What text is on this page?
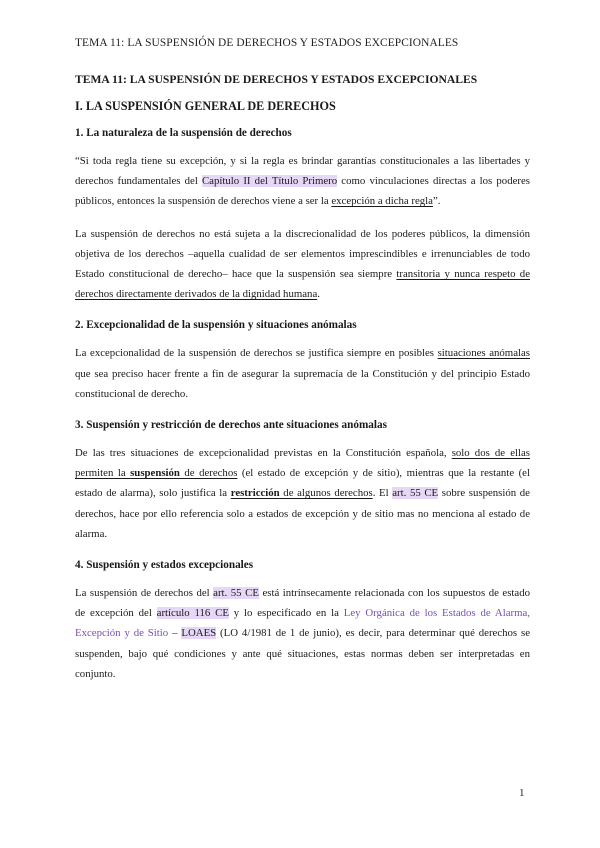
TEMA 11: LA SUSPENSIÓN DE DERECHOS Y ESTADOS EXCEPCIONALES
TEMA 11: LA SUSPENSIÓN DE DERECHOS Y ESTADOS EXCEPCIONALES
I. LA SUSPENSIÓN GENERAL DE DERECHOS
1. La naturaleza de la suspensión de derechos

“Si toda regla tiene su excepción, y si la regla es brindar garantías constitucionales a las libertades y derechos fundamentales del Capítulo II del Título Primero como vinculaciones directas a los poderes públicos, entonces la suspensión de derechos viene a ser la excepción a dicha regla”.

La suspensión de derechos no está sujeta a la discrecionalidad de los poderes públicos, la dimensión objetiva de los derechos –aquella cualidad de ser elementos imprescindibles e irrenunciables de todo Estado constitucional de derecho– hace que la suspensión sea siempre transitoria y nunca respeto de derechos directamente derivados de la dignidad humana.

2. Excepcionalidad de la suspensión y situaciones anómalas

La excepcionalidad de la suspensión de derechos se justifica siempre en posibles situaciones anómalas que sea preciso hacer frente a fin de asegurar la supremacía de la Constitución y del principio Estado constitucional de derecho.

3. Suspensión y restricción de derechos ante situaciones anómalas

De las tres situaciones de excepcionalidad previstas en la Constitución española, solo dos de ellas permiten la suspensión de derechos (el estado de excepción y de sitio), mientras que la restante (el estado de alarma), solo justifica la restricción de algunos derechos. El art. 55 CE sobre suspensión de derechos, hace por ello referencia solo a estados de excepción y de sitio mas no menciona al estado de alarma.

4. Suspensión y estados excepcionales

La suspensión de derechos del art. 55 CE está intrínsecamente relacionada con los supuestos de estado de excepción del artículo 116 CE y lo especificado en la Ley Orgánica de los Estados de Alarma, Excepción y de Sitio – LOAES (LO 4/1981 de 1 de junio), es decir, para determinar qué derechos se suspenden, bajo qué condiciones y ante qué situaciones, estas normas deben ser interpretadas en conjunto.

1
